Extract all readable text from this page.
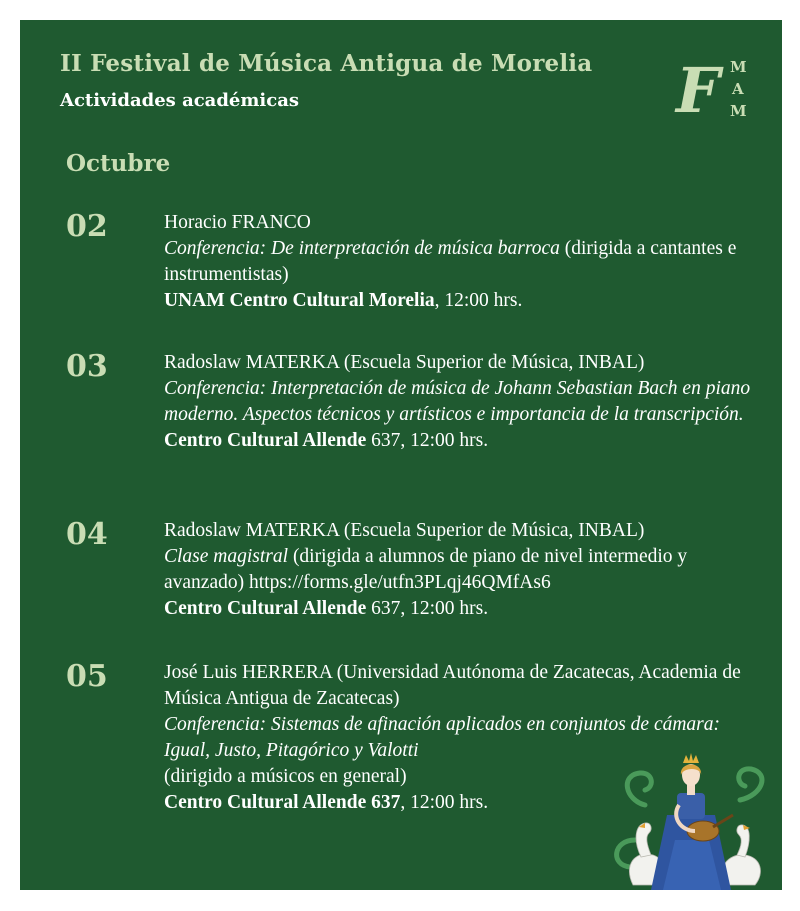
II Festival de Música Antigua de Morelia
Actividades académicas	F M
A
M
Octubre
02	Horacio FRANCO

Conferencia: De interpretación de música barroca (dirigida a cantantes e instrumentistas)

UNAM Centro Cultural Morelia, 12:00 hrs.

03	Radoslaw MATERKA (Escuela Superior de Música, INBAL)

Conferencia: Interpretación de música de Johann Sebastian Bach en piano moderno. Aspectos técnicos y artísticos e importancia de la transcripción.

Centro Cultural Allende 637, 12:00 hrs.

04	Radoslaw MATERKA (Escuela Superior de Música, INBAL)

Clase magistral (dirigida a alumnos de piano de nivel intermedio y avanzado) https://forms.gle/utfn3PLqj46QMfAs6

Centro Cultural Allende 637, 12:00 hrs.

05	José Luis HERRERA (Universidad Autónoma de Zacatecas, Academia de Música Antigua de Zacatecas)

Conferencia: Sistemas de afinación aplicados en conjuntos de cámara: Igual, Justo, Pitagórico y Valotti

(dirigido a músicos en general)

Centro Cultural Allende 637, 12:00 hrs.
